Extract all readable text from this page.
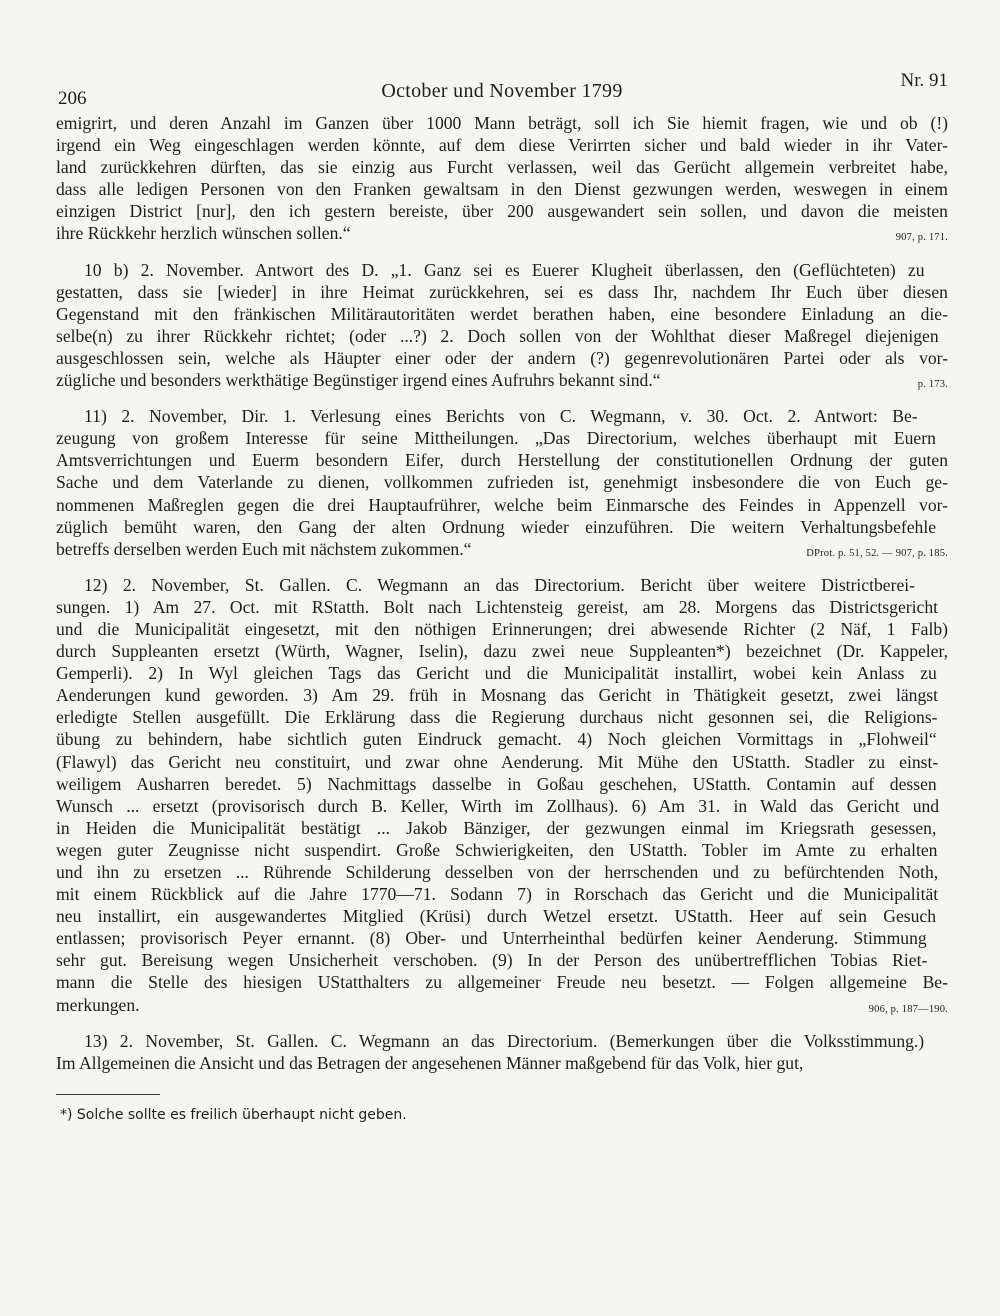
206	October und November 1799	Nr. 91

emigrirt, und deren Anzahl im Ganzen über 1000 Mann beträgt, soll ich Sie hiemit fragen, wie und ob (!)
irgend ein Weg eingeschlagen werden könnte, auf dem diese Verirrten sicher und bald wieder in ihr Vater-
land zurückkehren dürften, das sie einzig aus Furcht verlassen, weil das Gerücht allgemein verbreitet habe,
dass alle ledigen Personen von den Franken gewaltsam in den Dienst gezwungen werden, weswegen in einem
einzigen District [nur], den ich gestern bereiste, über 200 ausgewandert sein sollen, und davon die meisten
907, p. 171.
ihre Rückkehr herzlich wünschen sollen.“

10 b) 2. November. Antwort des D. „1. Ganz sei es Euerer Klugheit überlassen, den (Geflüchteten) zu
gestatten, dass sie [wieder] in ihre Heimat zurückkehren, sei es dass Ihr, nachdem Ihr Euch über diesen
Gegenstand mit den fränkischen Militärautoritäten werdet berathen haben, eine besondere Einladung an die-
selbe(n) zu ihrer Rückkehr richtet; (oder ...?) 2. Doch sollen von der Wohlthat dieser Maßregel diejenigen
ausgeschlossen sein, welche als Häupter einer oder der andern (?) gegenrevolutionären Partei oder als vor-
p. 173.
zügliche und besonders werkthätige Begünstiger irgend eines Aufruhrs bekannt sind.“

11) 2. November, Dir. 1. Verlesung eines Berichts von C. Wegmann, v. 30. Oct. 2. Antwort: Be-
zeugung von großem Interesse für seine Mittheilungen. „Das Directorium, welches überhaupt mit Euern
Amtsverrichtungen und Euerm besondern Eifer, durch Herstellung der constitutionellen Ordnung der guten
Sache und dem Vaterlande zu dienen, vollkommen zufrieden ist, genehmigt insbesondere die von Euch ge-
nommenen Maßreglen gegen die drei Hauptaufrührer, welche beim Einmarsche des Feindes in Appenzell vor-
züglich bemüht waren, den Gang der alten Ordnung wieder einzuführen. Die weitern Verhaltungsbefehle
DProt. p. 51, 52. — 907, p. 185.
betreffs derselben werden Euch mit nächstem zukommen.“

12) 2. November, St. Gallen. C. Wegmann an das Directorium. Bericht über weitere Districtberei-
sungen. 1) Am 27. Oct. mit RStatth. Bolt nach Lichtensteig gereist, am 28. Morgens das Districtsgericht
und die Municipalität eingesetzt, mit den nöthigen Erinnerungen; drei abwesende Richter (2 Näf, 1 Falb)
durch Suppleanten ersetzt (Würth, Wagner, Iselin), dazu zwei neue Suppleanten*) bezeichnet (Dr. Kappeler,
Gemperli). 2) In Wyl gleichen Tags das Gericht und die Municipalität installirt, wobei kein Anlass zu
Aenderungen kund geworden. 3) Am 29. früh in Mosnang das Gericht in Thätigkeit gesetzt, zwei längst
erledigte Stellen ausgefüllt. Die Erklärung dass die Regierung durchaus nicht gesonnen sei, die Religions-
übung zu behindern, habe sichtlich guten Eindruck gemacht. 4) Noch gleichen Vormittags in „Flohweil“
(Flawyl) das Gericht neu constituirt, und zwar ohne Aenderung. Mit Mühe den UStatth. Stadler zu einst-
weiligem Ausharren beredet. 5) Nachmittags dasselbe in Goßau geschehen, UStatth. Contamin auf dessen
Wunsch ... ersetzt (provisorisch durch B. Keller, Wirth im Zollhaus). 6) Am 31. in Wald das Gericht und
in Heiden die Municipalität bestätigt ... Jakob Bänziger, der gezwungen einmal im Kriegsrath gesessen,
wegen guter Zeugnisse nicht suspendirt. Große Schwierigkeiten, den UStatth. Tobler im Amte zu erhalten
und ihn zu ersetzen ... Rührende Schilderung desselben von der herrschenden und zu befürchtenden Noth,
mit einem Rückblick auf die Jahre 1770—71. Sodann 7) in Rorschach das Gericht und die Municipalität
neu installirt, ein ausgewandertes Mitglied (Krüsi) durch Wetzel ersetzt. UStatth. Heer auf sein Gesuch
entlassen; provisorisch Peyer ernannt. (8) Ober- und Unterrheinthal bedürfen keiner Aenderung. Stimmung
sehr gut. Bereisung wegen Unsicherheit verschoben. (9) In der Person des unübertrefflichen Tobias Riet-
mann die Stelle des hiesigen UStatthalters zu allgemeiner Freude neu besetzt. — Folgen allgemeine Be-
906, p. 187—190.
merkungen.

13) 2. November, St. Gallen. C. Wegmann an das Directorium. (Bemerkungen über die Volksstimmung.)
Im Allgemeinen die Ansicht und das Betragen der angesehenen Männer maßgebend für das Volk, hier gut,

*) Solche sollte es freilich überhaupt nicht geben.
